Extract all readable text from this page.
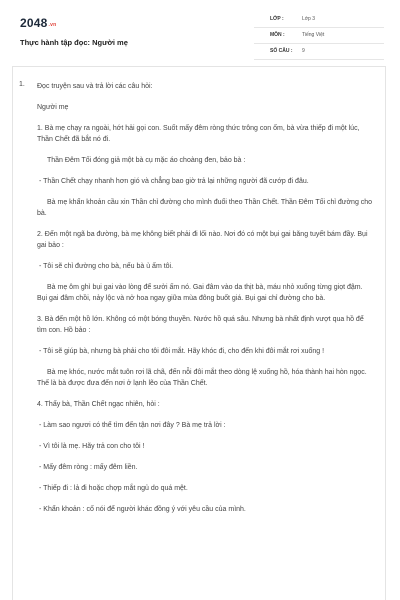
2048.vn
Thực hành tập đọc: Người mẹ
LỚP :	Lớp 3
MÔN :	Tiếng Việt
SỐ CÂU : 9
1. Đọc truyện sau và trả lời các câu hỏi:

Người mẹ

1. Bà mẹ chạy ra ngoài, hớt hải gọi con. Suốt mấy đêm ròng thức trông con ốm, bà vừa thiếp đi một lúc, Thần Chết đã bắt nó đi.

Thần Đêm Tối đóng giả một bà cụ mặc áo choàng đen, bảo bà :

- Thần Chết chạy nhanh hơn gió và chẳng bao giờ trả lại những người đã cướp đi đâu.

Bà mẹ khẩn khoản cầu xin Thần chỉ đường cho mình đuổi theo Thần Chết. Thần Đêm Tối chỉ đường cho bà.

2. Đến một ngã ba đường, bà mẹ không biết phải đi lối nào. Nơi đó có một bụi gai băng tuyết bám đầy. Bụi gai bảo :

- Tôi sẽ chỉ đường cho bà, nếu bà ủ ấm tôi.

Bà mẹ ôm ghì bụi gai vào lòng để sưởi ấm nó. Gai đâm vào da thịt bà, máu nhỏ xuống từng giọt đậm. Bụi gai đâm chồi, nảy lộc và nở hoa ngay giữa mùa đông buốt giá. Bụi gai chỉ đường cho bà.

3. Bà đến một hồ lớn. Không có một bóng thuyền. Nước hồ quá sâu. Nhưng bà nhất định vượt qua hồ để tìm con. Hồ bảo :

- Tôi sẽ giúp bà, nhưng bà phải cho tôi đôi mắt. Hãy khóc đi, cho đến khi đôi mắt rơi xuống !

Bà mẹ khóc, nước mắt tuôn rơi lã chã, đến nỗi đôi mắt theo dòng lệ xuống hồ, hóa thành hai hòn ngọc. Thế là bà được đưa đến nơi ở lạnh lẽo của Thần Chết.

4. Thấy bà, Thần Chết ngạc nhiên, hỏi :

- Làm sao ngươi có thể tìm đến tận nơi đây ? Bà mẹ trả lời :

- Vì tôi là mẹ. Hãy trả con cho tôi !

- Mấy đêm ròng : mấy đêm liền.

- Thiếp đi : lả đi hoặc chợp mắt ngủ do quá mệt.

- Khẩn khoản : cố nói để người khác đồng ý với yêu cầu của mình.
